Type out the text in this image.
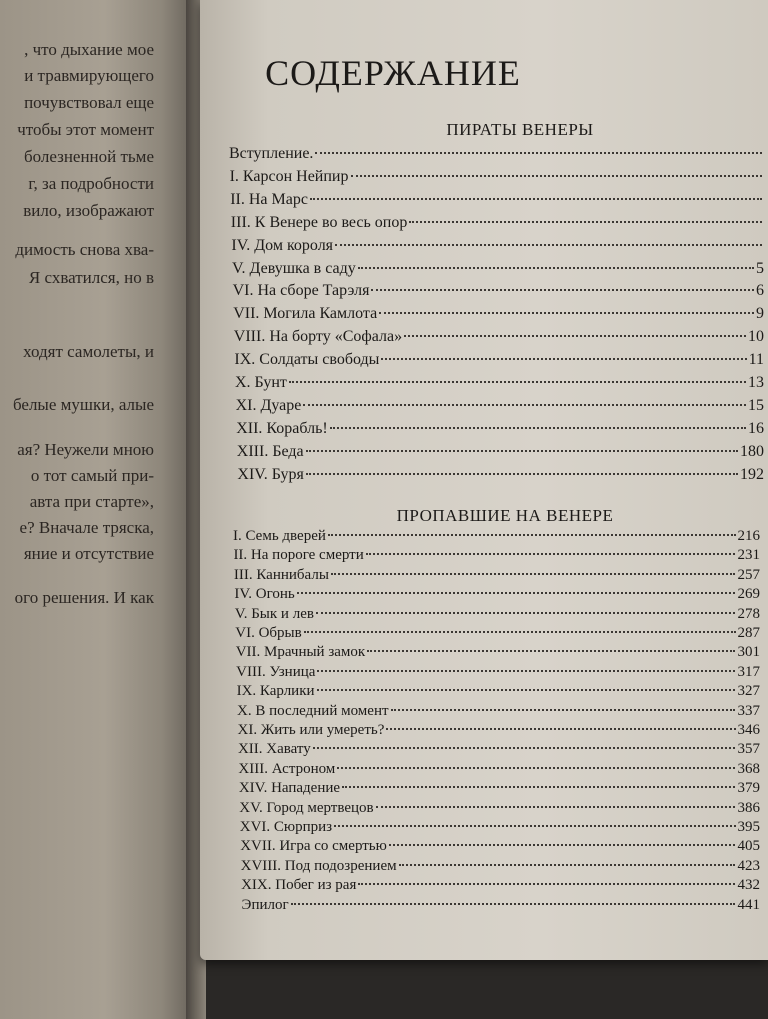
, что дыхание мое
и травмирующего
почувствовал еще
чтобы этот момент
болезненной тьме
г, за подробности
вило, изображают
димость снова хва-
Я схватился, но в
ходят самолеты, и
белые мушки, алые
ая? Неужели мною
о тот самый при-
авта при старте»,
е? Вначале тряска,
яние и отсутствие
ого решения. И как
СОДЕРЖАНИЕ
ПИРАТЫ ВЕНЕРЫ
ПРОПАВШИЕ НА ВЕНЕРЕ
Вступление.
I. Карсон Нейпир
II. На Марс
III. К Венере во весь опор
IV. Дом короля
V. Девушка в саду	5
VI. На сборе Тарэля	6
VII. Могила Камлота	9
VIII. На борту «Софала»	10
IX. Солдаты свободы	11
X. Бунт	13
XI. Дуаре	15
XII. Корабль!	16
XIII. Беда	180
XIV. Буря	192
I. Семь дверей	216
II. На пороге смерти	231
III. Каннибалы	257
IV. Огонь	269
V. Бык и лев	278
VI. Обрыв	287
VII. Мрачный замок	301
VIII. Узница	317
IX. Карлики	327
X. В последний момент	337
XI. Жить или умереть?	346
XII. Хавату	357
XIII. Астроном	368
XIV. Нападение	379
XV. Город мертвецов	386
XVI. Сюрприз	395
XVII. Игра со смертью	405
XVIII. Под подозрением	423
XIX. Побег из рая	432
Эпилог	441
